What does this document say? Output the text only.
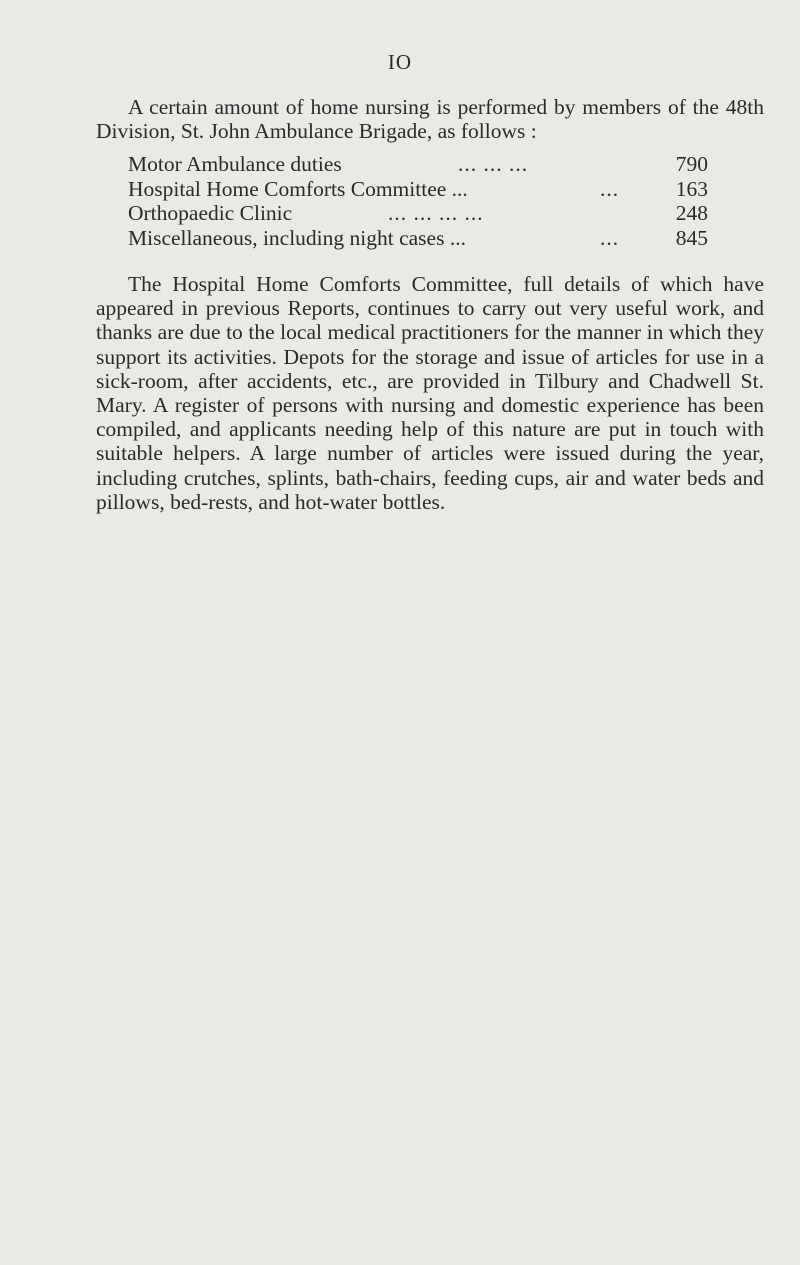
IO

A certain amount of home nursing is performed by members of the 48th Division, St. John Ambulance Brigade, as follows :

Motor Ambulance duties	... ... ...	790
Hospital Home Comforts Committee ...	...	163
Orthopaedic Clinic	... ... ... ...	248
Miscellaneous, including night cases ...	...	845

The Hospital Home Comforts Committee, full details of which have appeared in previous Reports, continues to carry out very useful work, and thanks are due to the local medical practitioners for the manner in which they support its activities. Depots for the storage and issue of articles for use in a sick-room, after accidents, etc., are provided in Tilbury and Chadwell St. Mary. A register of persons with nursing and domestic experience has been compiled, and applicants needing help of this nature are put in touch with suitable helpers. A large number of articles were issued during the year, including crutches, splints, bath-chairs, feeding cups, air and water beds and pillows, bed-rests, and hot-water bottles.
